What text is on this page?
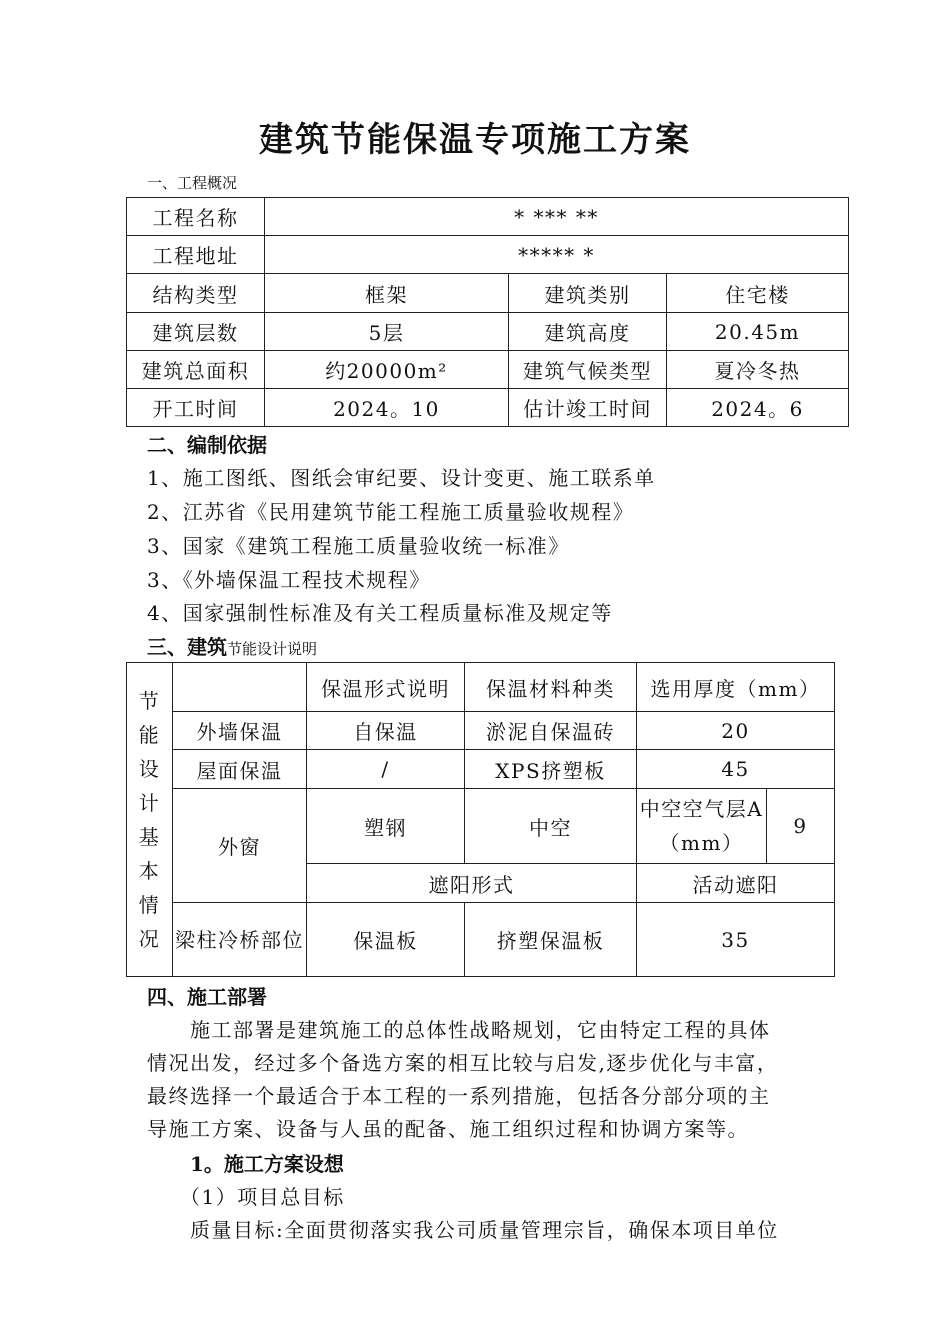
建筑节能保温专项施工方案
一、工程概况
工程名称	* *** **		
工程地址	***** *		
结构类型	框架	建筑类别	住宅楼
建筑层数	5层	建筑高度	20.45m
建筑总面积	约20000m²	建筑气候类型	夏冷冬热
开工时间	2024。10	估计竣工时间	2024。6
二、编制依据
1、施工图纸、图纸会审纪要、设计变更、施工联系单
2、江苏省《民用建筑节能工程施工质量验收规程》
3、国家《建筑工程施工质量验收统一标准》
3、《外墙保温工程技术规程》
4、国家强制性标准及有关工程质量标准及规定等
三、建筑节能设计说明
节能设计基本情况		保温形式说明	保温材料种类	选用厚度（mm）	
	外墙保温	自保温	淤泥自保温砖	20	
	屋面保温	/	XPS挤塑板	45	
	外窗	塑钢	中空	中空空气层A（mm）	9
		遮阳形式		活动遮阳	
	梁柱冷桥部位	保温板	挤塑保温板	35	
四、施工部署
施工部署是建筑施工的总体性战略规划，它由特定工程的具体
情况出发，经过多个备选方案的相互比较与启发,逐步优化与丰富，
最终选择一个最适合于本工程的一系列措施，包括各分部分项的主
导施工方案、设备与人虽的配备、施工组织过程和协调方案等。
1。施工方案设想
（1）项目总目标
质量目标:全面贯彻落实我公司质量管理宗旨，确保本项目单位
